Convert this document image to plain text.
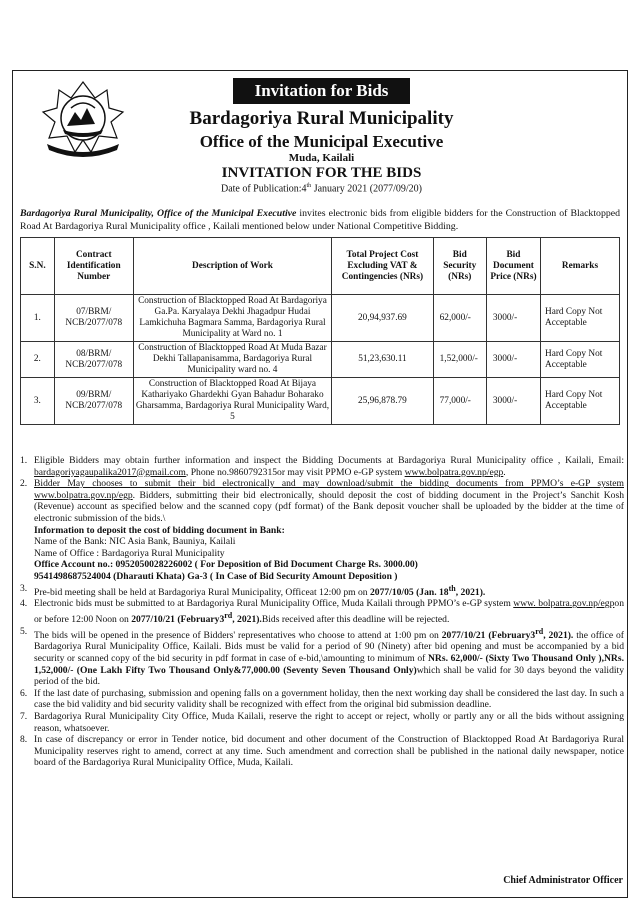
Invitation for Bids
Bardagoriya Rural Municipality
Office of the Municipal Executive
Muda, Kailali
INVITATION FOR THE BIDS
Date of Publication:4th January 2021 (2077/09/20)
Bardagoriya Rural Municipality, Office of the Municipal Executive invites electronic bids from eligible bidders for the Construction of Blacktopped Road At Bardagoriya Rural Municipality office , Kailali mentioned below under National Competitive Bidding.
S.N.	Contract Identification Number	Description of Work	Total Project Cost Excluding VAT & Contingencies (NRs)	Bid Security (NRs)	Bid Document Price (NRs)	Remarks
1.	07/BRM/ NCB/2077/078	Construction of Blacktopped Road At Bardagoriya Ga.Pa. Karyalaya Dekhi Jhagadpur Hudai Lamkichuha Bagmara Samma, Bardagoriya Rural Municipality at Ward no. 1	20,94,937.69	62,000/-	3000/-	Hard Copy Not Acceptable
2.	08/BRM/ NCB/2077/078	Construction of Blacktopped Road At Muda Bazar Dekhi Tallapanisamma, Bardagoriya Rural Municipality ward no. 4	51,23,630.11	1,52,000/-	3000/-	Hard Copy Not Acceptable
3.	09/BRM/ NCB/2077/078	Construction of Blacktopped Road At Bijaya Kathariyako Ghardekhi Gyan Bahadur Boharako Gharsamma, Bardagoriya Rural Municipality Ward, 5	25,96,878.79	77,000/-	3000/-	Hard Copy Not Acceptable
1. Eligible Bidders may obtain further information and inspect the Bidding Documents at Bardagoriya Rural Municipality office , Kailali, Email: bardagoriyagaupalika2017@gmail.com, Phone no.9860792315or may visit PPMO e-GP system www.bolpatra.gov.np/egp.
2. Bidder May chooses to submit their bid electronically and may download/submit the bidding documents from PPMO’s e-GP system www.bolpatra.gov.np/egp. Bidders, submitting their bid electronically, should deposit the cost of bidding document in the Project’s Sanchit Kosh (Revenue) account as specified below and the scanned copy (pdf format) of the Bank deposit voucher shall be uploaded by the bidder at the time of electronic submission of the bids.\
Information to deposit the cost of bidding document in Bank:
Name of the Bank: NIC Asia Bank, Bauniya, Kailali
Name of Office : Bardagoriya Rural Municipality
Office Account no.: 0952050028226002 ( For Deposition of Bid Document Charge Rs. 3000.00)
9541498687524004 (Dharauti Khata) Ga-3 ( In Case of Bid Security Amount Deposition )
3. Pre-bid meeting shall be held at Bardagoriya Rural Municipality, Officeat 12:00 pm on 2077/10/05 (Jan. 18th, 2021).
4. Electronic bids must be submitted to at Bardagoriya Rural Municipality Office, Muda Kailali through PPMO’s e-GP system www. bolpatra.gov.np/egpon or before 12:00 Noon on 2077/10/21 (February3rd, 2021).Bids received after this deadline will be rejected.
5. The bids will be opened in the presence of Bidders' representatives who choose to attend at 1:00 pm on 2077/10/21 (February3rd, 2021). the office of Bardagoriya Rural Municipality Office, Kailali. Bids must be valid for a period of 90 (Ninety) after bid opening and must be accompanied by a bid security or scanned copy of the bid security in pdf format in case of e-bid,\amounting to minimum of NRs. 62,000/- (Sixty Two Thousand Only ),NRs. 1,52,000/- (One Lakh Fifty Two Thousand Only&77,000.00 (Seventy Seven Thousand Only)which shall be valid for 30 days beyond the validity period of the bid.
6. If the last date of purchasing, submission and opening falls on a government holiday, then the next working day shall be considered the last day. In such a case the bid validity and bid security validity shall be recognized with effect from the original bid submission deadline.
7. Bardagoriya Rural Municipality City Office, Muda Kailali, reserve the right to accept or reject, wholly or partly any or all the bids without assigning reason, whatsoever.
8. In case of discrepancy or error in Tender notice, bid document and other document of the Construction of Blacktopped Road At Bardagoriya Rural Municipality reserves right to amend, correct at any time. Such amendment and correction shall be published in the national daily newspaper, notice board of the Bardagoriya Rural Municipality Office, Muda, Kailali.
Chief Administrator Officer
